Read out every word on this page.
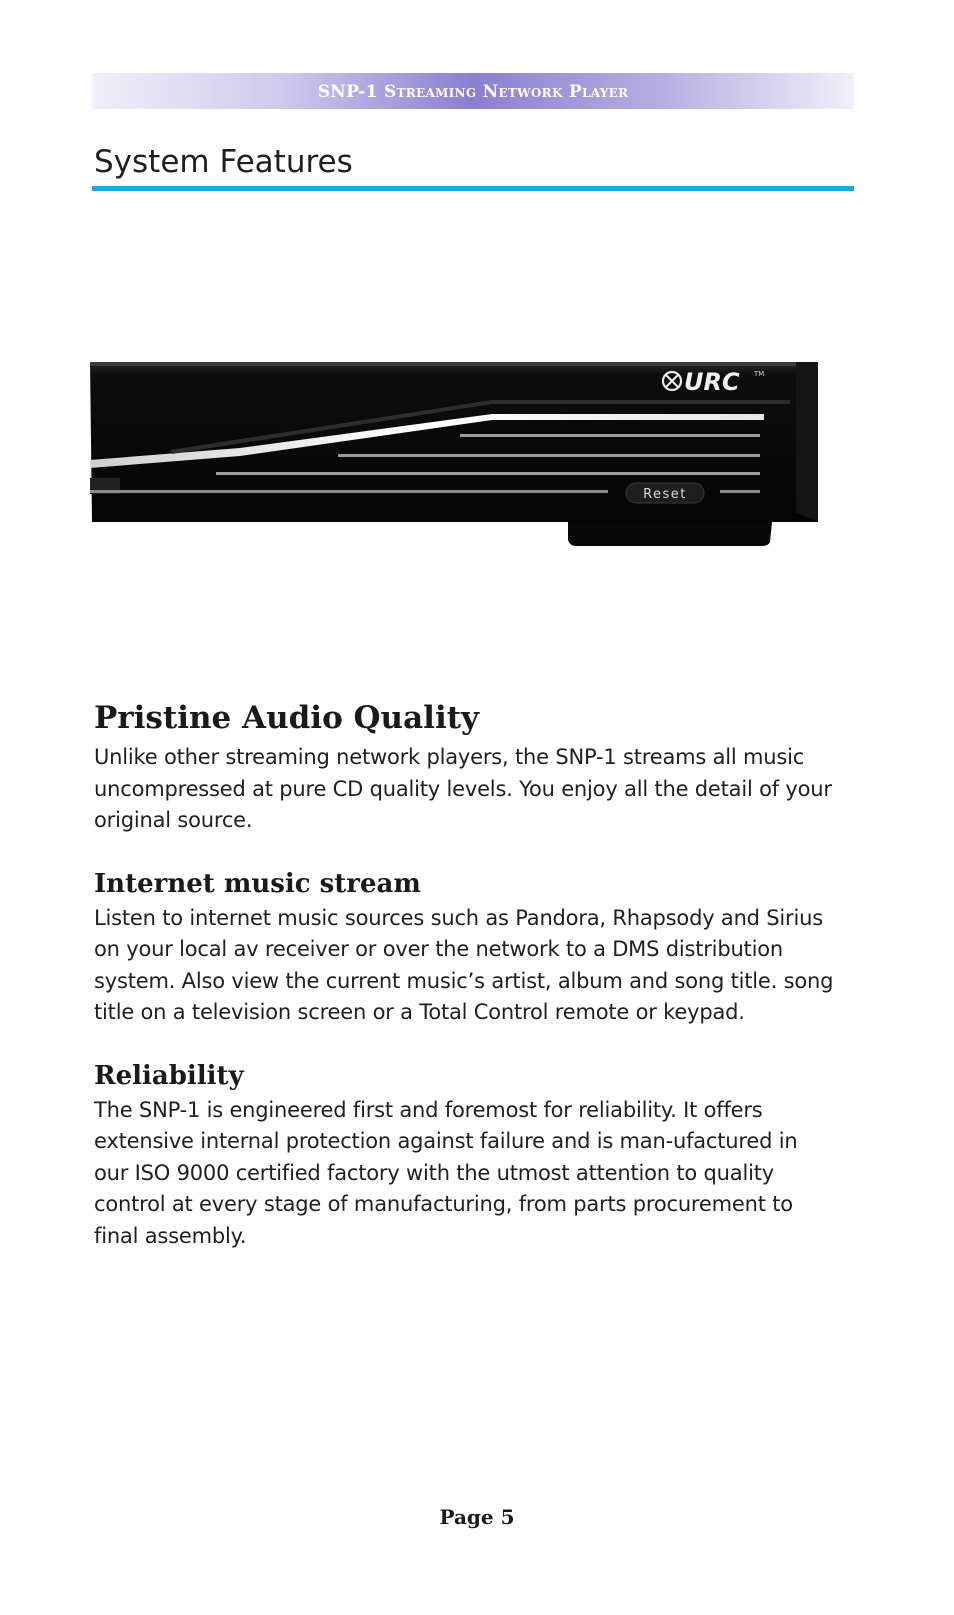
SNP-1 Streaming Network Player
System Features
Reset
URC TM
Pristine Audio Quality

Unlike other streaming network players, the SNP-1 streams all music uncompressed at pure CD quality levels. You enjoy all the detail of your original source.

Internet music stream

Listen to internet music sources such as Pandora, Rhapsody and Sirius on your local av receiver or over the network to a DMS distribution system. Also view the current music’s artist, album and song title. song title on a television screen or a Total Control remote or keypad.

Reliability

The SNP-1 is engineered first and foremost for reliability. It offers extensive internal protection against failure and is man-ufactured in our ISO 9000 certified factory with the utmost attention to quality control at every stage of manufacturing, from parts procurement to final assembly.

Page 5
